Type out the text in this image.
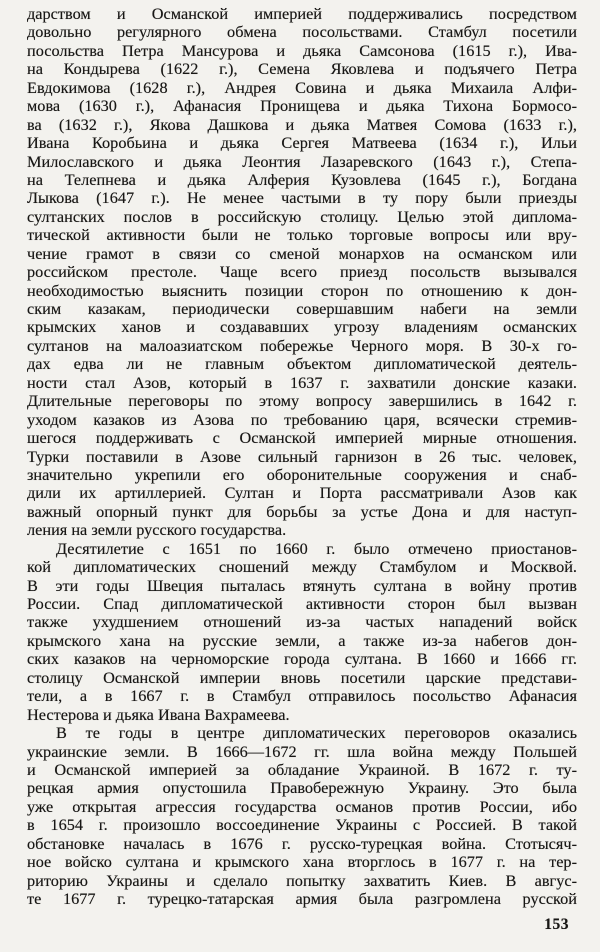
дарством и Османской империей поддерживались посредством
довольно регулярного обмена посольствами. Стамбул посетили
посольства Петра Мансурова и дьяка Самсонова (1615 г.), Ива-
на Кондырева (1622 г.), Семена Яковлева и подъячего Петра
Евдокимова (1628 г.), Андрея Совина и дьяка Михаила Алфи-
мова (1630 г.), Афанасия Пронищева и дьяка Тихона Бормосо-
ва (1632 г.), Якова Дашкова и дьяка Матвея Сомова (1633 г.),
Ивана Коробьина и дьяка Сергея Матвеева (1634 г.), Ильи
Милославского и дьяка Леонтия Лазаревского (1643 г.), Степа-
на Телепнева и дьяка Алферия Кузовлева (1645 г.), Богдана
Лыкова (1647 г.). Не менее частыми в ту пору были приезды
султанских послов в российскую столицу. Целью этой диплома-
тической активности были не только торговые вопросы или вру-
чение грамот в связи со сменой монархов на османском или
российском престоле. Чаще всего приезд посольств вызывался
необходимостью выяснить позиции сторон по отношению к дон-
ским казакам, периодически совершавшим набеги на земли
крымских ханов и создававших угрозу владениям османских
султанов на малоазиатском побережье Черного моря. В 30-х го-
дах едва ли не главным объектом дипломатической деятель-
ности стал Азов, который в 1637 г. захватили донские казаки.
Длительные переговоры по этому вопросу завершились в 1642 г.
уходом казаков из Азова по требованию царя, всячески стремив-
шегося поддерживать с Османской империей мирные отношения.
Турки поставили в Азове сильный гарнизон в 26 тыс. человек,
значительно укрепили его оборонительные сооружения и снаб-
дили их артиллерией. Султан и Порта рассматривали Азов как
важный опорный пункт для борьбы за устье Дона и для наступ-
ления на земли русского государства.
Десятилетие с 1651 по 1660 г. было отмечено приостанов-
кой дипломатических сношений между Стамбулом и Москвой.
В эти годы Швеция пыталась втянуть султана в войну против
России. Спад дипломатической активности сторон был вызван
также ухудшением отношений из-за частых нападений войск
крымского хана на русские земли, а также из-за набегов дон-
ских казаков на черноморские города султана. В 1660 и 1666 гг.
столицу Османской империи вновь посетили царские представи-
тели, а в 1667 г. в Стамбул отправилось посольство Афанасия
Нестерова и дьяка Ивана Вахрамеева.
В те годы в центре дипломатических переговоров оказались
украинские земли. В 1666—1672 гг. шла война между Польшей
и Османской империей за обладание Украиной. В 1672 г. ту-
рецкая армия опустошила Правобережную Украину. Это была
уже открытая агрессия государства османов против России, ибо
в 1654 г. произошло воссоединение Украины с Россией. В такой
обстановке началась в 1676 г. русско-турецкая война. Стотысяч-
ное войско султана и крымского хана вторглось в 1677 г. на тер-
риторию Украины и сделало попытку захватить Киев. В авгус-
те 1677 г. турецко-татарская армия была разгромлена русской
153
